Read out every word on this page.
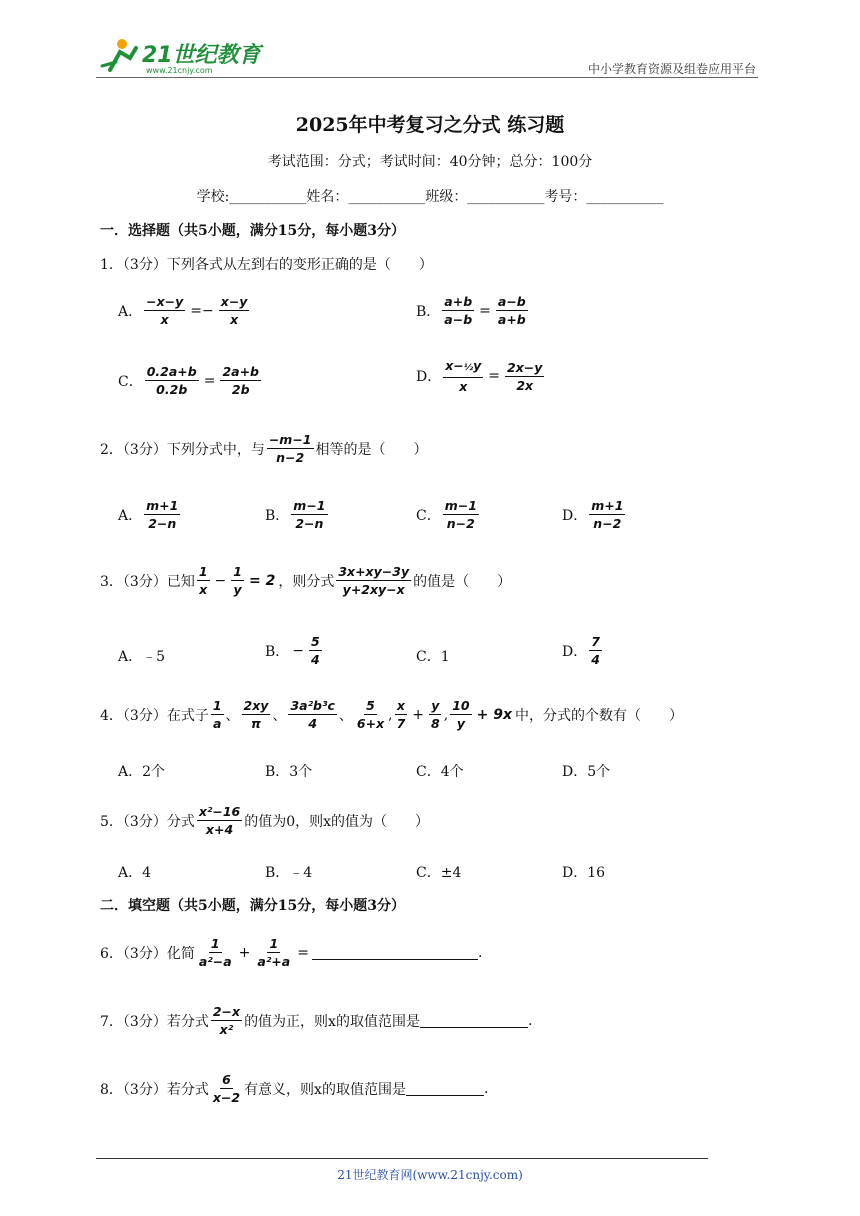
21世纪教育
www.21cnjy.com	中小学教育资源及组卷应用平台
2025年中考复习之分式 练习题
考试范围：分式；考试时间：40分钟；总分：100分
学校:___________姓名：___________班级：___________考号：___________
一．选择题（共5小题，满分15分，每小题3分）
1．（3分）下列各式从左到右的变形正确的是（　　）
A． $\frac{-x-y}{x} =- \frac{x-y}{x}$	B． $\frac{a+b}{a-b} = \frac{a-b}{a+b}$
C． $\frac{0.2a+b}{0.2b} = \frac{2a+b}{2b}$	D． $\frac{\text{x−½y}}{x} = \frac{2x-y}{2x}$
2．（3分）下列分式中，与 $\frac{-m-1}{n-2}$ 相等的是（　　）
A． $\frac{m+1}{2-n}$	B． $\frac{m-1}{2-n}$	C． $\frac{m-1}{n-2}$	D． $\frac{m+1}{n-2}$
3．（3分）已知 $\frac{1}{x} - \frac{1}{y} = 2$ ，则分式 $\frac{3x+xy-3y}{y+2xy-x}$ 的值是（　　）
A．﹣5	B． − $\frac{5}{4}$	C．1	D． $\frac{7}{4}$
4．（3分）在式子 $\frac{1}{a}$ 、 $\frac{2xy}{\pi}$ 、 $\frac{\text{3a²b³c}}{4}$ 、 $\frac{5}{6+x}$ , $\frac{x}{7} + \frac{y}{8}$ , $\frac{10}{y} + 9x$ 中，分式的个数有（　　）
A．2个	B．3个	C．4个	D．5个
5．（3分）分式 $\frac{\text{x²−16}}{x+4}$ 的值为0，则x的值为（　　）
A．4	B．﹣4	C．±4	D．16
二．填空题（共5小题，满分15分，每小题3分）
6．（3分）化简 $\frac{1}{\text{a²−a}} + \frac{1}{\text{a²+a}}$ =	.
7．（3分）若分式 $\frac{2-x}{\text{x²}}$ 的值为正，则x的取值范围是	.
8．（3分）若分式 $\frac{6}{x-2}$ 有意义，则x的取值范围是	.
21世纪教育网(www.21cnjy.com)
